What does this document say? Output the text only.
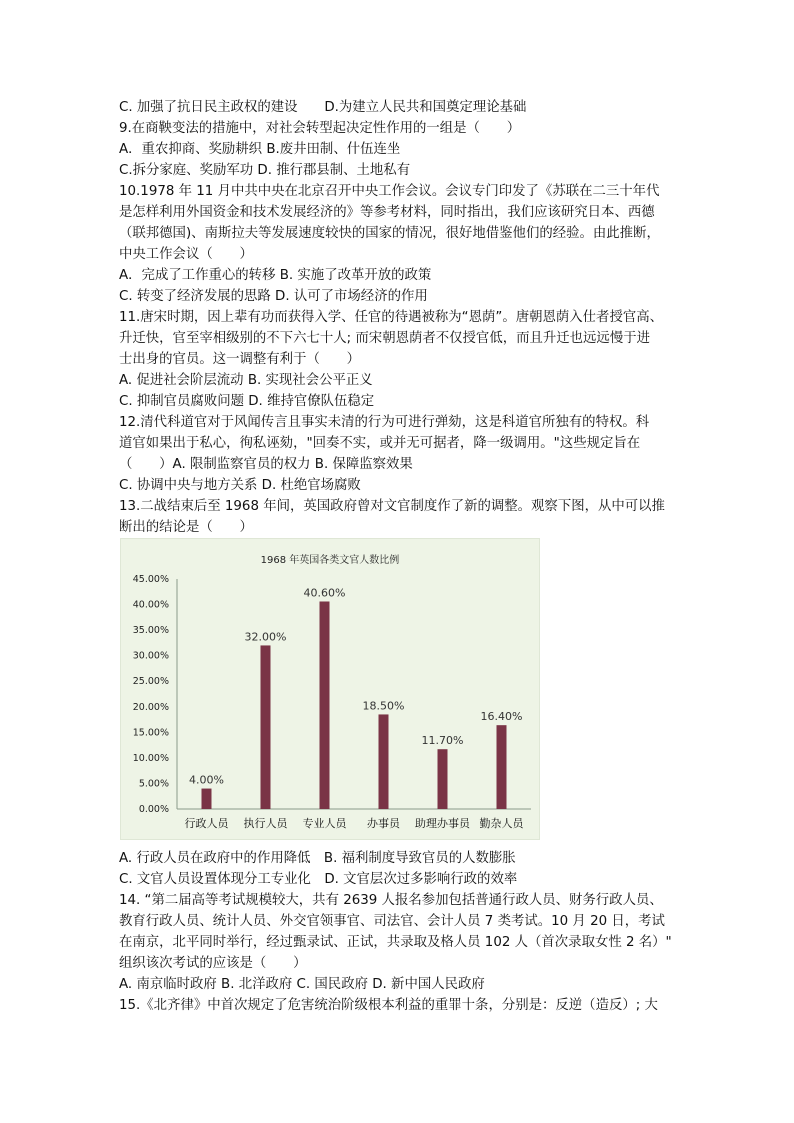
C. 加强了抗日民主政权的建设　　D.为建立人民共和国奠定理论基础
9.在商鞅变法的措施中，对社会转型起决定性作用的一组是（　　）
A．重农抑商、奖励耕织 B.废井田制、什伍连坐
C.拆分家庭、奖励军功 D. 推行郡县制、土地私有
10.1978 年 11 月中共中央在北京召开中央工作会议。会议专门印发了《苏联在二三十年代
是怎样利用外国资金和技术发展经济的》等参考材料，同时指出，我们应该研究日本、西德
（联邦德国)、南斯拉夫等发展速度较快的国家的情况，很好地借鉴他们的经验。由此推断，
中央工作会议（　　）
A．完成了工作重心的转移 B. 实施了改革开放的政策
C. 转变了经济发展的思路 D. 认可了市场经济的作用
11.唐宋时期，因上辈有功而获得入学、任官的待遇被称为“恩荫”。唐朝恩荫入仕者授官高、
升迁快，官至宰相级别的不下六七十人; 而宋朝恩荫者不仅授官低，而且升迁也远远慢于进
士出身的官员。这一调整有利于（　　）
A. 促进社会阶层流动 B. 实现社会公平正义
C. 抑制官员腐败问题 D. 维持官僚队伍稳定
12.清代科道官对于风闻传言且事实未清的行为可进行弹劾，这是科道官所独有的特权。科
道官如果出于私心，徇私诬劾，"回奏不实，或并无可据者，降一级调用。"这些规定旨在
（　　）A. 限制监察官员的权力 B. 保障监察效果
C. 协调中央与地方关系 D. 杜绝官场腐败
13.二战结束后至 1968 年间，英国政府曾对文官制度作了新的调整。观察下图，从中可以推
断出的结论是（　　）
A. 行政人员在政府中的作用降低　B. 福利制度导致官员的人数膨胀
C. 文官人员设置体现分工专业化　D. 文官层次过多影响行政的效率
14. “第二届高等考试规模较大，共有 2639 人报名参加包括普通行政人员、财务行政人员、
教育行政人员、统计人员、外交官领事官、司法官、会计人员 7 类考试。10 月 20 日，考试
在南京，北平同时举行，经过甄录试、正试，共录取及格人员 102 人（首次录取女性 2 名）"
组织该次考试的应该是（　　）
A. 南京临时政府 B. 北洋政府 C. 国民政府 D. 新中国人民政府
15.《北齐律》中首次规定了危害统治阶级根本利益的重罪十条，分别是：反逆（造反）; 大
1968 年英国各类文官人数比例
0.00%
5.00%
10.00%
15.00%
20.00%
25.00%
30.00%
35.00%
40.00%
45.00%
4.00%
行政人员
32.00%
执行人员
40.60%
专业人员
18.50%
办事员
11.70%
助理办事员
16.40%
勤杂人员
